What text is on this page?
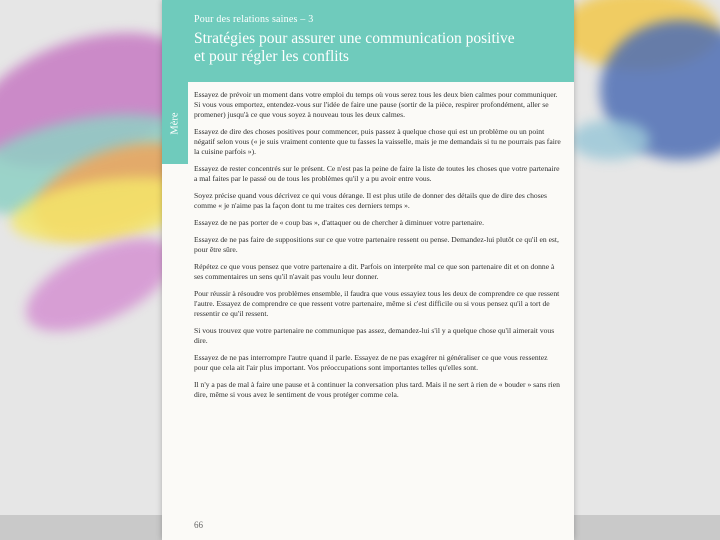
Pour des relations saines – 3
Stratégies pour assurer une communication positive
et pour régler les conflits
Mère

Essayez de prévoir un moment dans votre emploi du temps où vous serez tous les deux bien calmes pour communiquer. Si vous vous emportez, entendez-vous sur l'idée de faire une pause (sortir de la pièce, respirer profondément, aller se promener) jusqu'à ce que vous soyez à nouveau tous les deux calmes.

Essayez de dire des choses positives pour commencer, puis passez à quelque chose qui est un problème ou un point négatif selon vous (« je suis vraiment contente que tu fasses la vaisselle, mais je me demandais si tu ne pourrais pas faire la cuisine parfois »).

Essayez de rester concentrés sur le présent. Ce n'est pas la peine de faire la liste de toutes les choses que votre partenaire a mal faites par le passé ou de tous les problèmes qu'il y a pu avoir entre vous.

Soyez précise quand vous décrivez ce qui vous dérange. Il est plus utile de donner des détails que de dire des choses comme « je n'aime pas la façon dont tu me traites ces derniers temps ».

Essayez de ne pas porter de « coup bas », d'attaquer ou de chercher à diminuer votre partenaire.

Essayez de ne pas faire de suppositions sur ce que votre partenaire ressent ou pense. Demandez-lui plutôt ce qu'il en est, pour être sûre.

Répétez ce que vous pensez que votre partenaire a dit. Parfois on interprète mal ce que son partenaire dit et on donne à ses commentaires un sens qu'il n'avait pas voulu leur donner.

Pour réussir à résoudre vos problèmes ensemble, il faudra que vous essayiez tous les deux de comprendre ce que ressent l'autre. Essayez de comprendre ce que ressent votre partenaire, même si c'est difficile ou si vous pensez qu'il a tort de ressentir ce qu'il ressent.

Si vous trouvez que votre partenaire ne communique pas assez, demandez-lui s'il y a quelque chose qu'il aimerait vous dire.

Essayez de ne pas interrompre l'autre quand il parle. Essayez de ne pas exagérer ni généraliser ce que vous ressentez pour que cela ait l'air plus important. Vos préoccupations sont importantes telles qu'elles sont.

Il n'y a pas de mal à faire une pause et à continuer la conversation plus tard. Mais il ne sert à rien de « bouder » sans rien dire, même si vous avez le sentiment de vous protéger comme cela.

66
